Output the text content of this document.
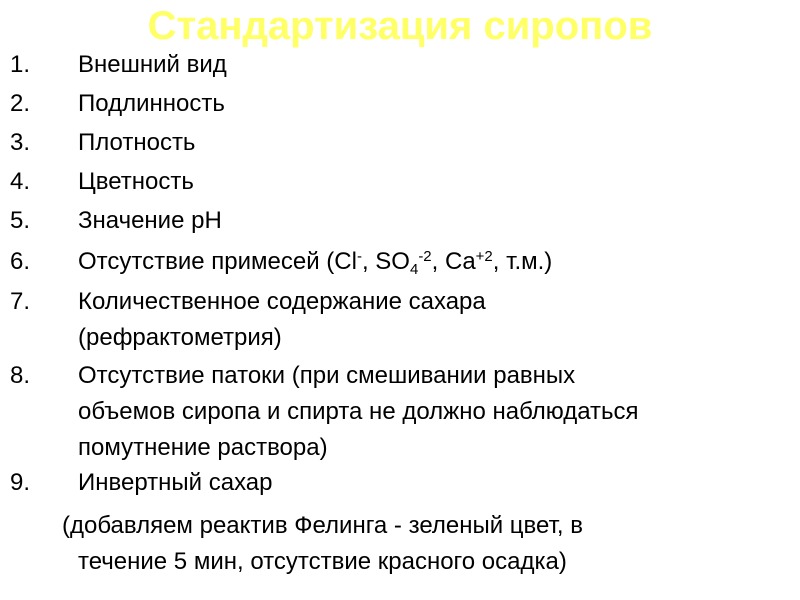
Стандартизация сиропов
1. Внешний вид
2. Подлинность
3. Плотность
4. Цветность
5. Значение рН
6. Отсутствие примесей (Cl-, $SO_4^{-2}$, $Ca^{+2}$, т.м.)
7. Количественное содержание сахара
(рефрактометрия)
8. Отсутствие патоки (при смешивании равных
объемов сиропа и спирта не должно наблюдаться
помутнение раствора)
9. Инвертный сахар
(добавляем реактив Фелинга - зеленый цвет, в
течение 5 мин, отсутствие красного осадка)
